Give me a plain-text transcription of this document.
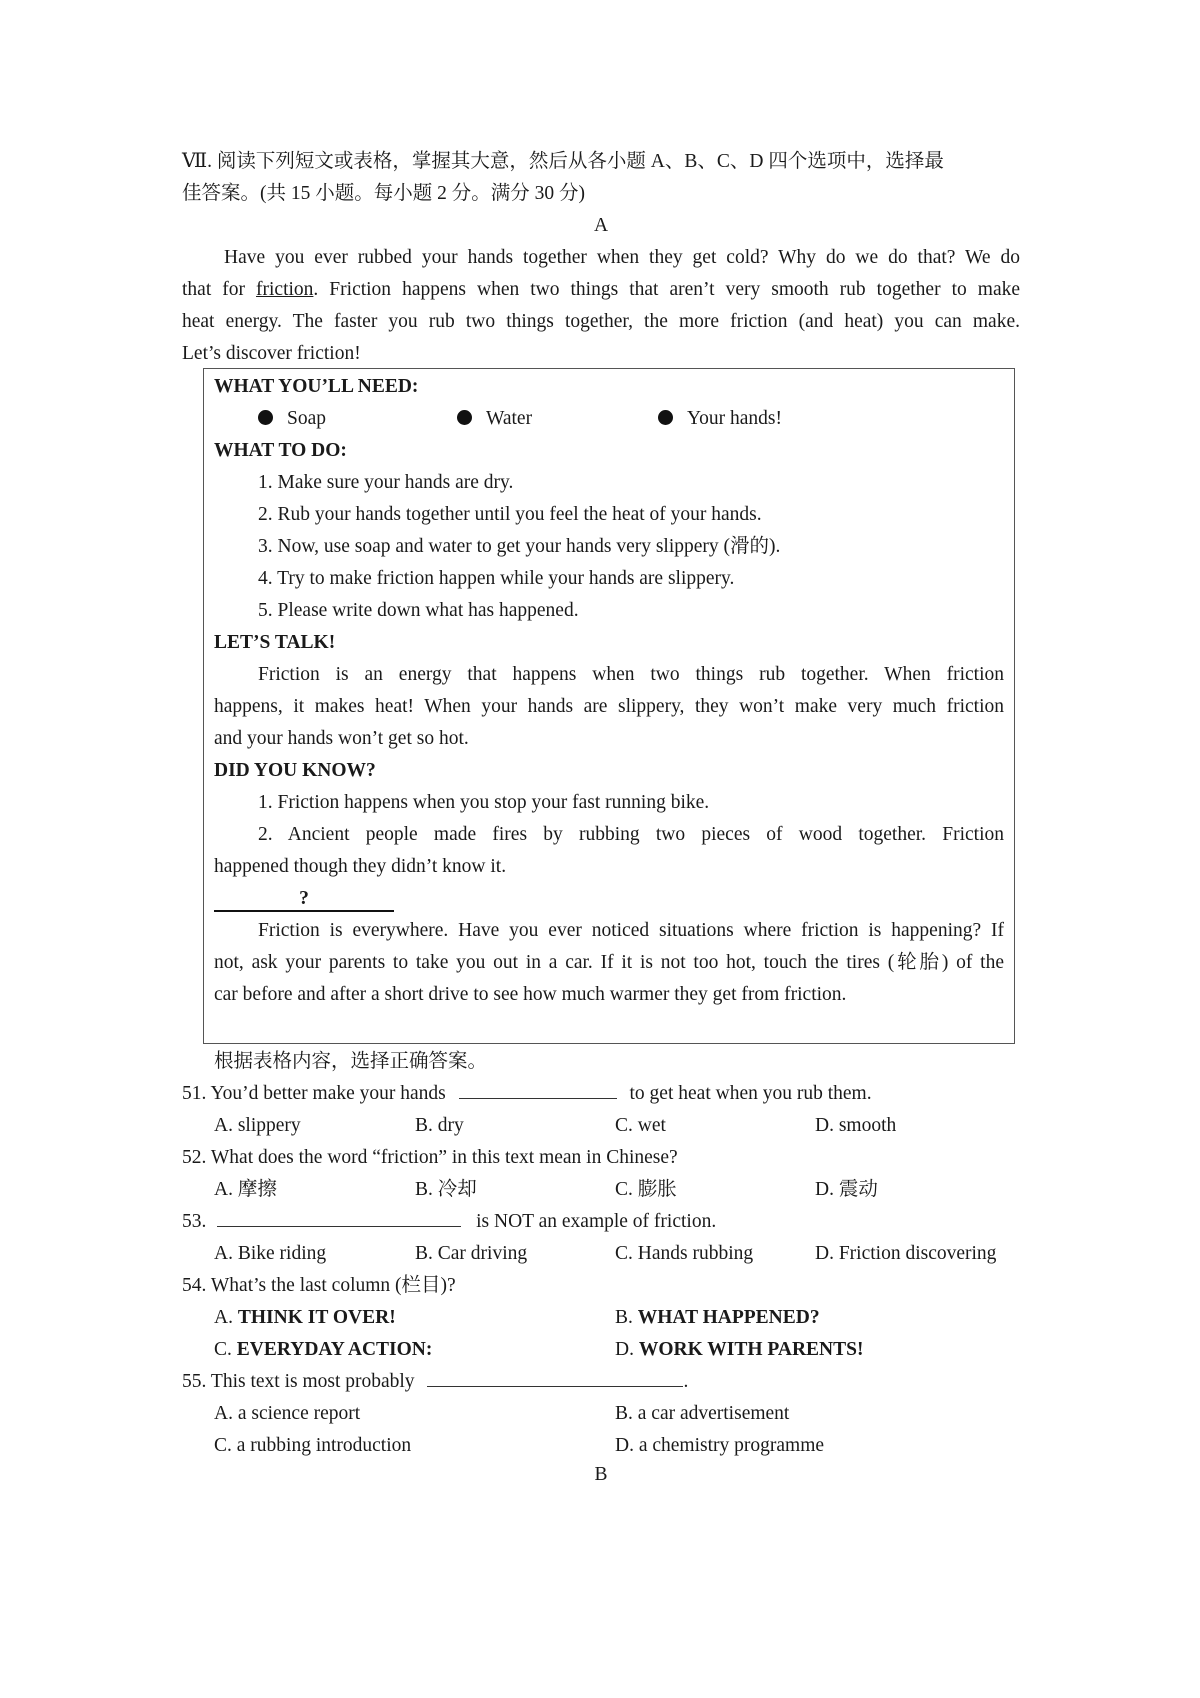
Ⅶ. 阅读下列短文或表格，掌握其大意，然后从各小题 A、B、C、D 四个选项中，选择最
佳答案。(共 15 小题。每小题 2 分。满分 30 分)
A
Have you ever rubbed your hands together when they get cold? Why do we do that? We do
that for friction. Friction happens when two things that aren’t very smooth rub together to make
heat energy. The faster you rub two things together, the more friction (and heat) you can make.
Let’s discover friction!
WHAT YOU’LL NEED:
Soap	Water	Your hands!
WHAT TO DO:
1. Make sure your hands are dry.
2. Rub your hands together until you feel the heat of your hands.
3. Now, use soap and water to get your hands very slippery (滑的).
4. Try to make friction happen while your hands are slippery.
5. Please write down what has happened.
LET’S TALK!
Friction is an energy that happens when two things rub together. When friction
happens, it makes heat! When your hands are slippery, they won’t make very much friction
and your hands won’t get so hot.
DID YOU KNOW?
1. Friction happens when you stop your fast running bike.
2. Ancient people made fires by rubbing two pieces of wood together. Friction
happened though they didn’t know it.
?
Friction is everywhere. Have you ever noticed situations where friction is happening? If
not, ask your parents to take you out in a car. If it is not too hot, touch the tires (轮胎) of the
car before and after a short drive to see how much warmer they get from friction.
根据表格内容，选择正确答案。
51. You’d better make your hands	to get heat when you rub them.
A. slippery	B. dry	C. wet	D. smooth
52. What does the word “friction” in this text mean in Chinese?
A. 摩擦	B. 冷却	C. 膨胀	D. 震动
53.	is NOT an example of friction.
A. Bike riding	B. Car driving	C. Hands rubbing	D. Friction discovering
54. What’s the last column (栏目)?
A. THINK IT OVER!	B. WHAT HAPPENED?
C. EVERYDAY ACTION:	D. WORK WITH PARENTS!
55. This text is most probably	.
A. a science report	B. a car advertisement
C. a rubbing introduction	D. a chemistry programme
B
